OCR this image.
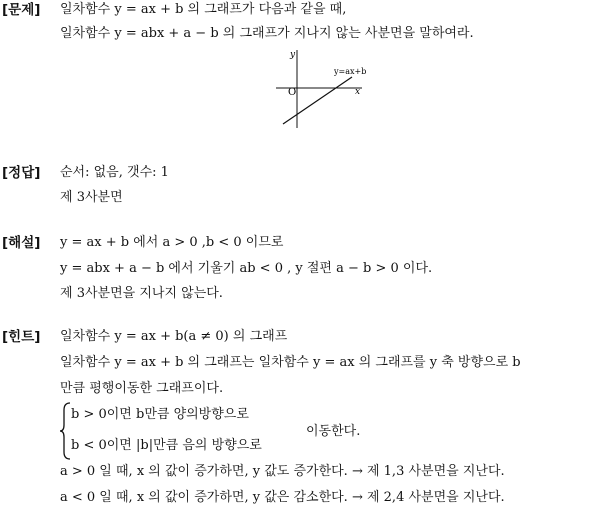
[문제] 일차함수 y = ax + b 의 그래프가 다음과 같을 때,
일차함수 y = abx + a − b 의 그래프가 지나지 않는 사분면을 말하여라.
y
x
O
y=ax+b
[정답] 순서: 없음, 갯수: 1
제 3사분면
[해설] y = ax + b 에서 a > 0 ,b < 0 이므로
y = abx + a − b 에서 기울기 ab < 0 , y 절편 a − b > 0 이다.
제 3사분면을 지나지 않는다.
[힌트] 일차함수 y = ax + b(a ≠ 0) 의 그래프
일차함수 y = ax + b 의 그래프는 일차함수 y = ax 의 그래프를 y 축 방향으로 b
만큼 평행이동한 그래프이다.
b > 0이면 b만큼 양의방향으로
b < 0이면 |b|만큼 음의 방향으로
이동한다.
a > 0 일 때, x 의 값이 증가하면, y 값도 증가한다. → 제 1,3 사분면을 지난다.
a < 0 일 때, x 의 값이 증가하면, y 값은 감소한다. → 제 2,4 사분면을 지난다.
